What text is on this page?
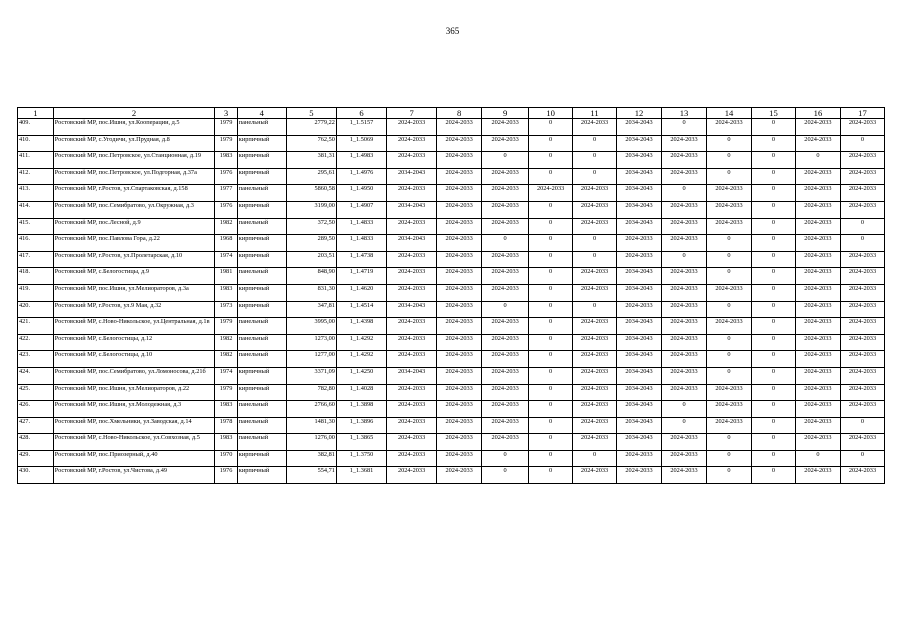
365
1	2	3	4	5	6	7	8	9	10	11	12	13	14	15	16	17
409.	Ростовский МР, пос.Ишня, ул.Кооперации, д.5	1979	панельный	2779,22	1_1.5157	2024-2033	2024-2033	2024-2033	0	2024-2033	2034-2043	0	2024-2033	0	2024-2033	2024-2033
410.	Ростовский МР, с.Угодичи, ул.Прудная, д.8	1979	кирпичный	762,50	1_1.5069	2024-2033	2024-2033	2024-2033	0	0	2034-2043	2024-2033	0	0	2024-2033	0
411.	Ростовский МР, пос.Петровское, ул.Станционная, д.19	1983	кирпичный	381,31	1_1.4983	2024-2033	2024-2033	0	0	0	2034-2043	2024-2033	0	0	0	2024-2033
412.	Ростовский МР, пос.Петровское, ул.Подгорная, д.37а	1976	кирпичный	295,61	1_1.4976	2034-2043	2024-2033	2024-2033	0	0	2034-2043	2024-2033	0	0	2024-2033	2024-2033
413.	Ростовский МР, г.Ростов, ул.Спартаковская, д.158	1977	панельный	5860,58	1_1.4950	2024-2033	2024-2033	2024-2033	2024-2033	2024-2033	2034-2043	0	2024-2033	0	2024-2033	2024-2033
414.	Ростовский МР, пос.Семибратово, ул.Окружная, д.3	1976	кирпичный	3199,00	1_1.4907	2034-2043	2024-2033	2024-2033	0	2024-2033	2034-2043	2024-2033	2024-2033	0	2024-2033	2024-2033
415.	Ростовский МР, пос.Лесной, д.9	1982	панельный	372,50	1_1.4833	2024-2033	2024-2033	2024-2033	0	2024-2033	2034-2043	2024-2033	2024-2033	0	2024-2033	0
416.	Ростовский МР, пос.Павлова Гора, д.22	1968	кирпичный	289,50	1_1.4833	2034-2043	2024-2033	0	0	0	2024-2033	2024-2033	0	0	2024-2033	0
417.	Ростовский МР, г.Ростов, ул.Пролетарская, д.10	1974	кирпичный	203,51	1_1.4738	2024-2033	2024-2033	2024-2033	0	0	2024-2033	0	0	0	2024-2033	2024-2033
418.	Ростовский МР, с.Белогостицы, д.9	1981	панельный	848,90	1_1.4719	2024-2033	2024-2033	2024-2033	0	2024-2033	2034-2043	2024-2033	0	0	2024-2033	2024-2033
419.	Ростовский МР, пос.Ишня, ул.Мелиораторов, д.3а	1983	кирпичный	831,30	1_1.4620	2024-2033	2024-2033	2024-2033	0	2024-2033	2034-2043	2024-2033	2024-2033	0	2024-2033	2024-2033
420.	Ростовский МР, г.Ростов, ул.9 Мая, д.32	1973	кирпичный	347,81	1_1.4514	2034-2043	2024-2033	0	0	0	2024-2033	2024-2033	0	0	2024-2033	2024-2033
421.	Ростовский МР, с.Ново-Никольское, ул.Центральная, д.1в	1979	панельный	3995,00	1_1.4398	2024-2033	2024-2033	2024-2033	0	2024-2033	2034-2043	2024-2033	2024-2033	0	2024-2033	2024-2033
422.	Ростовский МР, с.Белогостицы, д.12	1982	панельный	1273,00	1_1.4292	2024-2033	2024-2033	2024-2033	0	2024-2033	2034-2043	2024-2033	0	0	2024-2033	2024-2033
423.	Ростовский МР, с.Белогостицы, д.10	1982	панельный	1277,00	1_1.4292	2024-2033	2024-2033	2024-2033	0	2024-2033	2034-2043	2024-2033	0	0	2024-2033	2024-2033
424.	Ростовский МР, пос.Семибратово, ул.Ломоносова, д.21б	1974	кирпичный	3371,09	1_1.4250	2034-2043	2024-2033	2024-2033	0	2024-2033	2034-2043	2024-2033	0	0	2024-2033	2024-2033
425.	Ростовский МР, пос.Ишня, ул.Мелиораторов, д.22	1979	кирпичный	782,80	1_1.4028	2024-2033	2024-2033	2024-2033	0	2024-2033	2034-2043	2024-2033	2024-2033	0	2024-2033	2024-2033
426.	Ростовский МР, пос.Ишня, ул.Молодежная, д.3	1983	панельный	2766,60	1_1.3898	2024-2033	2024-2033	2024-2033	0	2024-2033	2034-2043	0	2024-2033	0	2024-2033	2024-2033
427.	Ростовский МР, пос.Хмельники, ул.Заводская, д.14	1978	панельный	1481,30	1_1.3896	2024-2033	2024-2033	2024-2033	0	2024-2033	2034-2043	0	2024-2033	0	2024-2033	0
428.	Ростовский МР, с.Ново-Никольское, ул.Совхозная, д.5	1983	панельный	1276,00	1_1.3865	2024-2033	2024-2033	2024-2033	0	2024-2033	2034-2043	2024-2033	0	0	2024-2033	2024-2033
429.	Ростовский МР, пос.Приозерный, д.40	1970	кирпичный	382,81	1_1.3750	2024-2033	2024-2033	0	0	0	2024-2033	2024-2033	0	0	0	0
430.	Ростовский МР, г.Ростов, ул.Чистова, д.49	1976	кирпичный	554,71	1_1.3681	2024-2033	2024-2033	0	0	2024-2033	2024-2033	2024-2033	0	0	2024-2033	2024-2033
